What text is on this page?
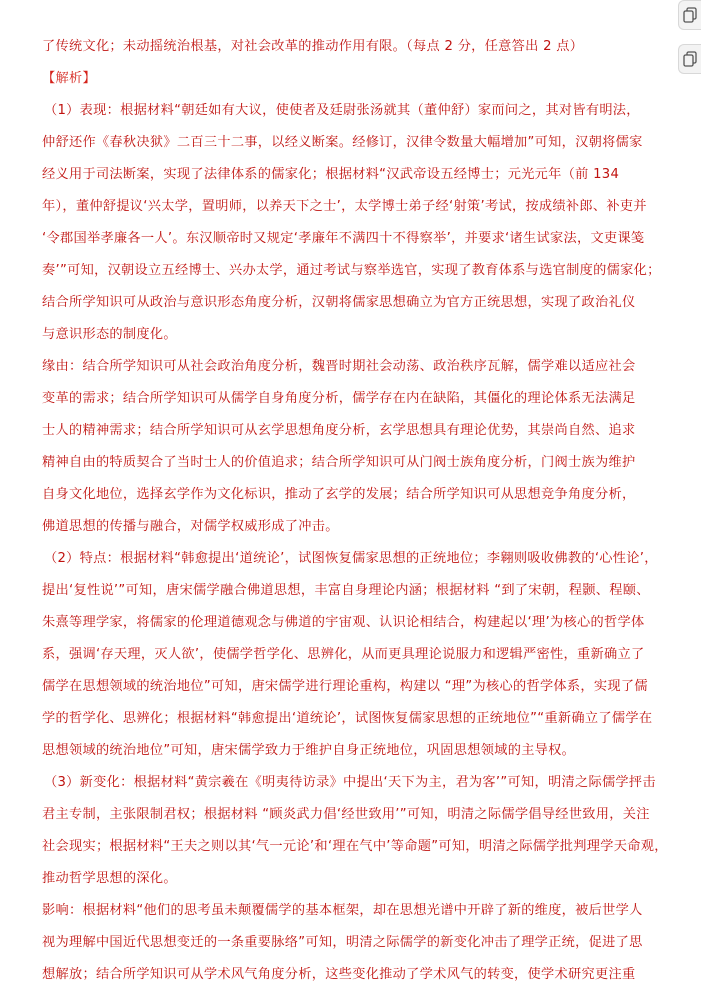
了传统文化；未动摇统治根基，对社会改革的推动作用有限。（每点 2 分，任意答出 2 点）
【解析】
（1）表现：根据材料“朝廷如有大议，使使者及廷尉张汤就其（董仲舒）家而问之，其对皆有明法，
仲舒还作《春秋决狱》二百三十二事，以经义断案。经修订，汉律令数量大幅增加”可知，汉朝将儒家
经义用于司法断案，实现了法律体系的儒家化；根据材料“汉武帝设五经博士；元光元年（前 134
年），董仲舒提议‘兴太学，置明师，以养天下之士’，太学博士弟子经‘射策’考试，按成绩补郎、补吏并
‘令郡国举孝廉各一人’。东汉顺帝时又规定‘孝廉年不满四十不得察举’，并要求‘诸生试家法，文吏课笺
奏’”可知，汉朝设立五经博士、兴办太学，通过考试与察举选官，实现了教育体系与选官制度的儒家化；
结合所学知识可从政治与意识形态角度分析，汉朝将儒家思想确立为官方正统思想，实现了政治礼仪
与意识形态的制度化。
缘由：结合所学知识可从社会政治角度分析，魏晋时期社会动荡、政治秩序瓦解，儒学难以适应社会
变革的需求；结合所学知识可从儒学自身角度分析，儒学存在内在缺陷，其僵化的理论体系无法满足
士人的精神需求；结合所学知识可从玄学思想角度分析，玄学思想具有理论优势，其崇尚自然、追求
精神自由的特质契合了当时士人的价值追求；结合所学知识可从门阀士族角度分析，门阀士族为维护
自身文化地位，选择玄学作为文化标识，推动了玄学的发展；结合所学知识可从思想竞争角度分析，
佛道思想的传播与融合，对儒学权威形成了冲击。
（2）特点：根据材料“韩愈提出‘道统论’，试图恢复儒家思想的正统地位；李翱则吸收佛教的‘心性论’，
提出‘复性说’”可知，唐宋儒学融合佛道思想，丰富自身理论内涵；根据材料 “到了宋朝，程颢、程颐、
朱熹等理学家，将儒家的伦理道德观念与佛道的宇宙观、认识论相结合，构建起以‘理’为核心的哲学体
系，强调‘存天理，灭人欲’，使儒学哲学化、思辨化，从而更具理论说服力和逻辑严密性，重新确立了
儒学在思想领域的统治地位”可知，唐宋儒学进行理论重构，构建以 “理”为核心的哲学体系，实现了儒
学的哲学化、思辨化；根据材料“韩愈提出‘道统论’，试图恢复儒家思想的正统地位”“重新确立了儒学在
思想领域的统治地位”可知，唐宋儒学致力于维护自身正统地位，巩固思想领域的主导权。
（3）新变化：根据材料“黄宗羲在《明夷待访录》中提出‘天下为主，君为客’”可知，明清之际儒学抨击
君主专制，主张限制君权；根据材料 “顾炎武力倡‘经世致用’”可知，明清之际儒学倡导经世致用，关注
社会现实；根据材料“王夫之则以其‘气一元论’和‘理在气中’等命题”可知，明清之际儒学批判理学天命观，
推动哲学思想的深化。
影响：根据材料“他们的思考虽未颠覆儒学的基本框架，却在思想光谱中开辟了新的维度，被后世学人
视为理解中国近代思想变迁的一条重要脉络”可知，明清之际儒学的新变化冲击了理学正统，促进了思
想解放；结合所学知识可从学术风气角度分析，这些变化推动了学术风气的转变，使学术研究更注重
